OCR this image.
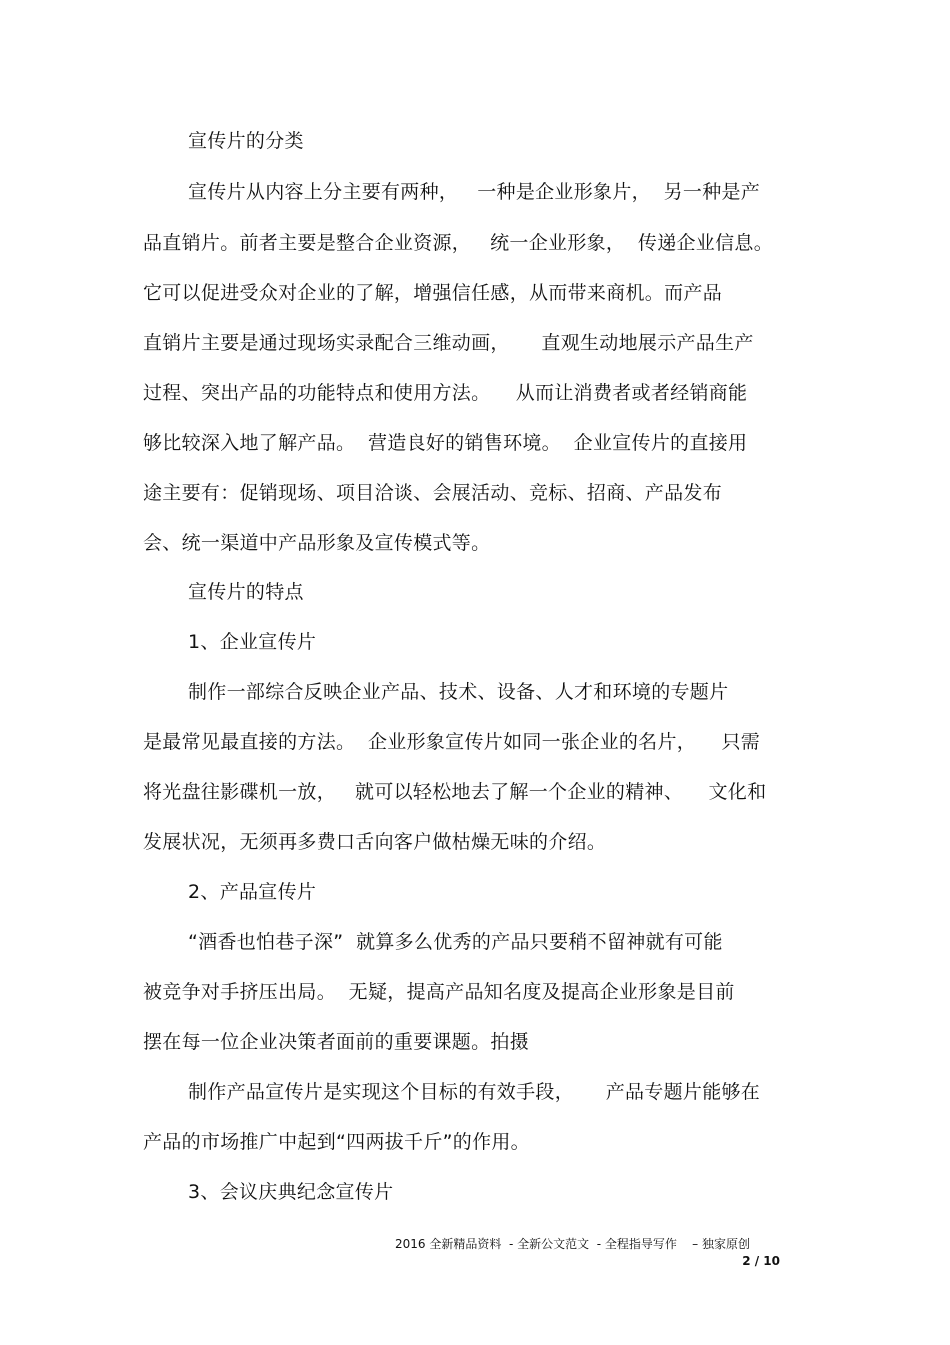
宣传片的分类
宣传片从内容上分主要有两种，   一种是企业形象片，  另一种是产
品直销片。前者主要是整合企业资源，   统一企业形象，  传递企业信息。
它可以促进受众对企业的了解，增强信任感，从而带来商机。而产品
直销片主要是通过现场实录配合三维动画，     直观生动地展示产品生产
过程、突出产品的功能特点和使用方法。    从而让消费者或者经销商能
够比较深入地了解产品。  营造良好的销售环境。  企业宣传片的直接用
途主要有：促销现场、项目洽谈、会展活动、竞标、招商、产品发布
会、统一渠道中产品形象及宣传模式等。
宣传片的特点
1、企业宣传片
制作一部综合反映企业产品、技术、设备、人才和环境的专题片
是最常见最直接的方法。  企业形象宣传片如同一张企业的名片，    只需
将光盘往影碟机一放，   就可以轻松地去了解一个企业的精神、    文化和
发展状况，无须再多费口舌向客户做枯燥无味的介绍。
2、产品宣传片
“酒香也怕巷子深”  就算多么优秀的产品只要稍不留神就有可能
被竞争对手挤压出局。  无疑，提高产品知名度及提高企业形象是目前
摆在每一位企业决策者面前的重要课题。拍摄
制作产品宣传片是实现这个目标的有效手段，     产品专题片能够在
产品的市场推广中起到“四两拔千斤”的作用。
3、会议庆典纪念宣传片
2016 全新精品资料  - 全新公文范文  - 全程指导写作    – 独家原创
2 / 10
